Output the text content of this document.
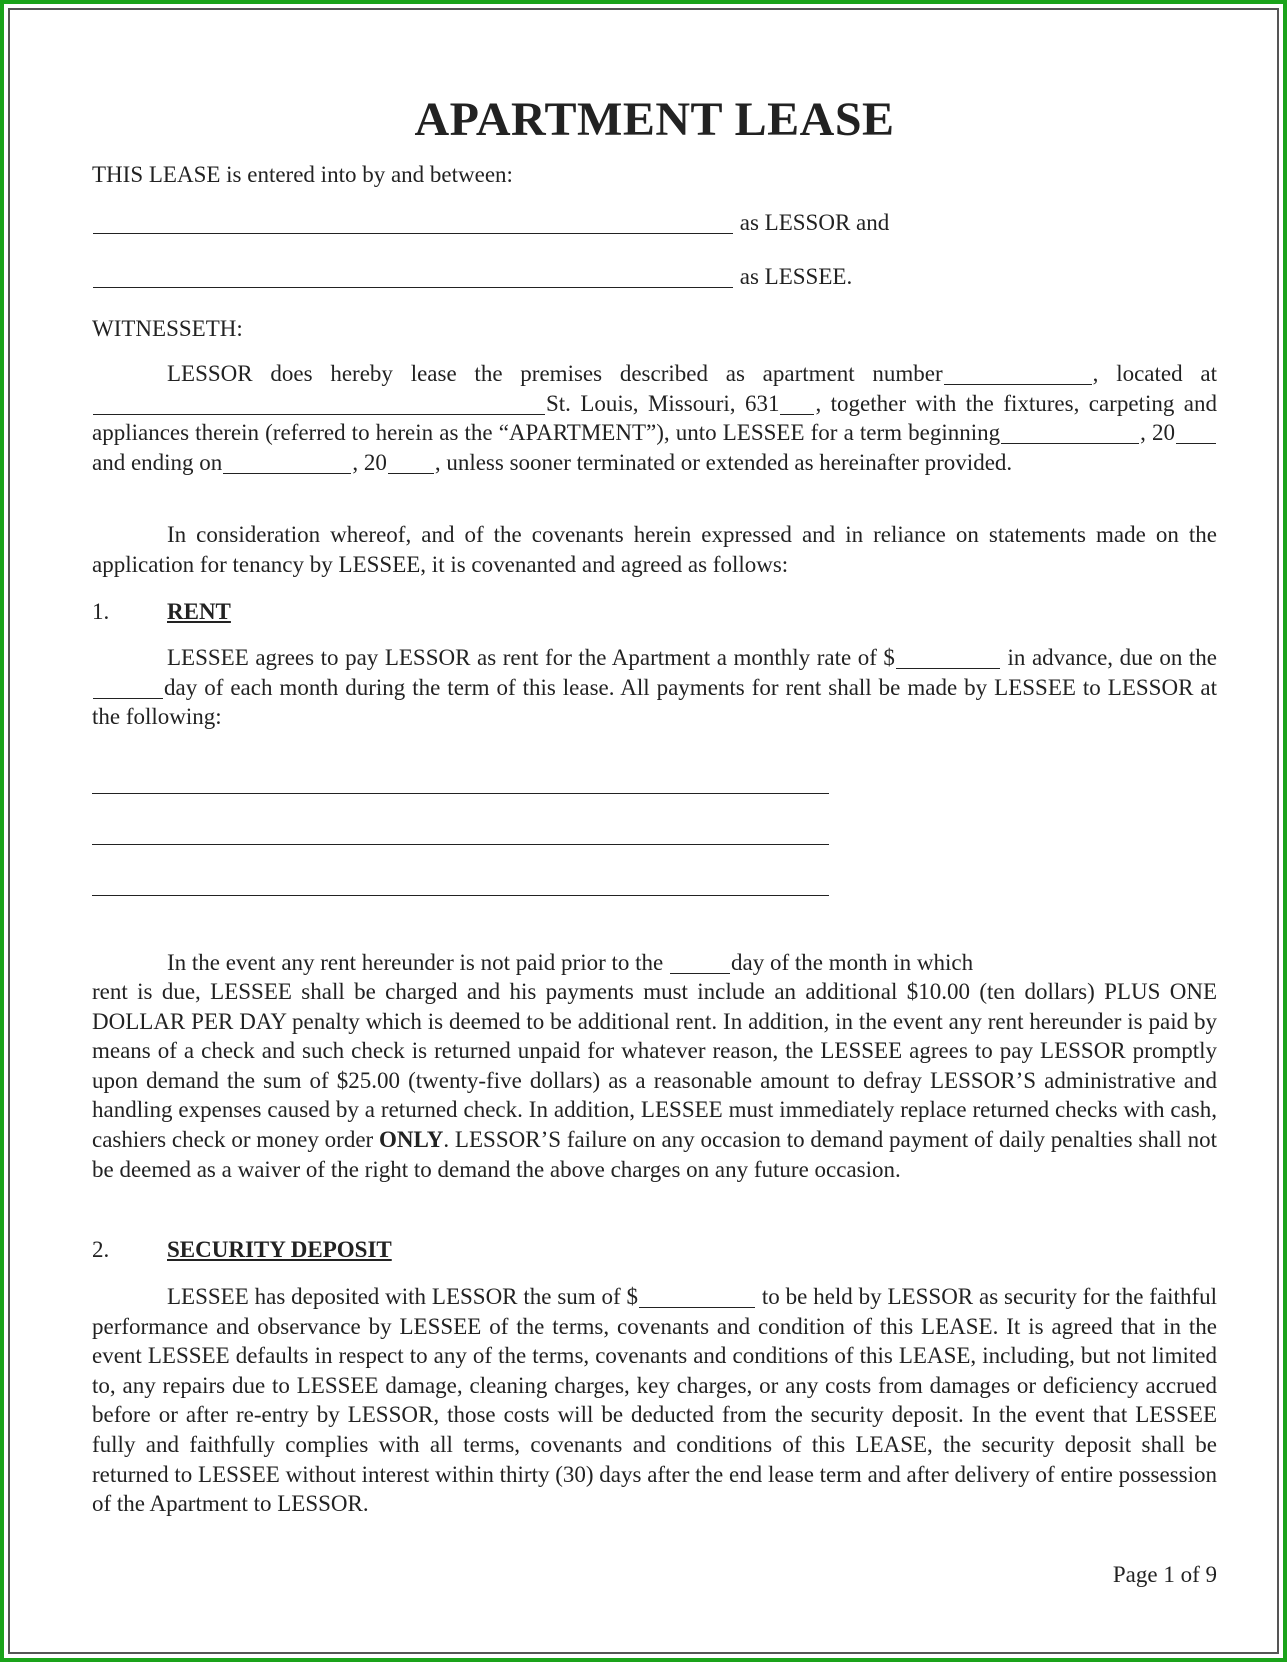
APARTMENT LEASE
THIS LEASE is entered into by and between:
as LESSOR and
as LESSEE.
WITNESSETH:
LESSOR does hereby lease the premises described as apartment number	, located at St. Louis, Missouri, 631 , together with the fixtures, carpeting and appliances therein (referred to herein as the “APARTMENT”), unto LESSEE for a term beginning	, 20 and ending on	, 20 , unless sooner terminated or extended as hereinafter provided.
In consideration whereof, and of the covenants herein expressed and in reliance on statements made on the application for tenancy by LESSEE, it is covenanted and agreed as follows:
1.	RENT
LESSEE agrees to pay LESSOR as rent for the Apartment a monthly rate of $	in advance, due on the day of each month during the term of this lease. All payments for rent shall be made by LESSEE to LESSOR at the following:
In the event any rent hereunder is not paid prior to the	day of the month in which
rent is due, LESSEE shall be charged and his payments must include an additional $10.00 (ten dollars) PLUS ONE DOLLAR PER DAY penalty which is deemed to be additional rent. In addition, in the event any rent hereunder is paid by means of a check and such check is returned unpaid for whatever reason, the LESSEE agrees to pay LESSOR promptly upon demand the sum of $25.00 (twenty-five dollars) as a reasonable amount to defray LESSOR’S administrative and handling expenses caused by a returned check. In addition, LESSEE must immediately replace returned checks with cash, cashiers check or money order ONLY. LESSOR’S failure on any occasion to demand payment of daily penalties shall not be deemed as a waiver of the right to demand the above charges on any future occasion.
2.	SECURITY DEPOSIT
LESSEE has deposited with LESSOR the sum of $	to be held by LESSOR as security for the faithful performance and observance by LESSEE of the terms, covenants and condition of this LEASE. It is agreed that in the event LESSEE defaults in respect to any of the terms, covenants and conditions of this LEASE, including, but not limited to, any repairs due to LESSEE damage, cleaning charges, key charges, or any costs from damages or deficiency accrued before or after re-entry by LESSOR, those costs will be deducted from the security deposit. In the event that LESSEE fully and faithfully complies with all terms, covenants and conditions of this LEASE, the security deposit shall be returned to LESSEE without interest within thirty (30) days after the end lease term and after delivery of entire possession of the Apartment to LESSOR.
Page 1 of 9
